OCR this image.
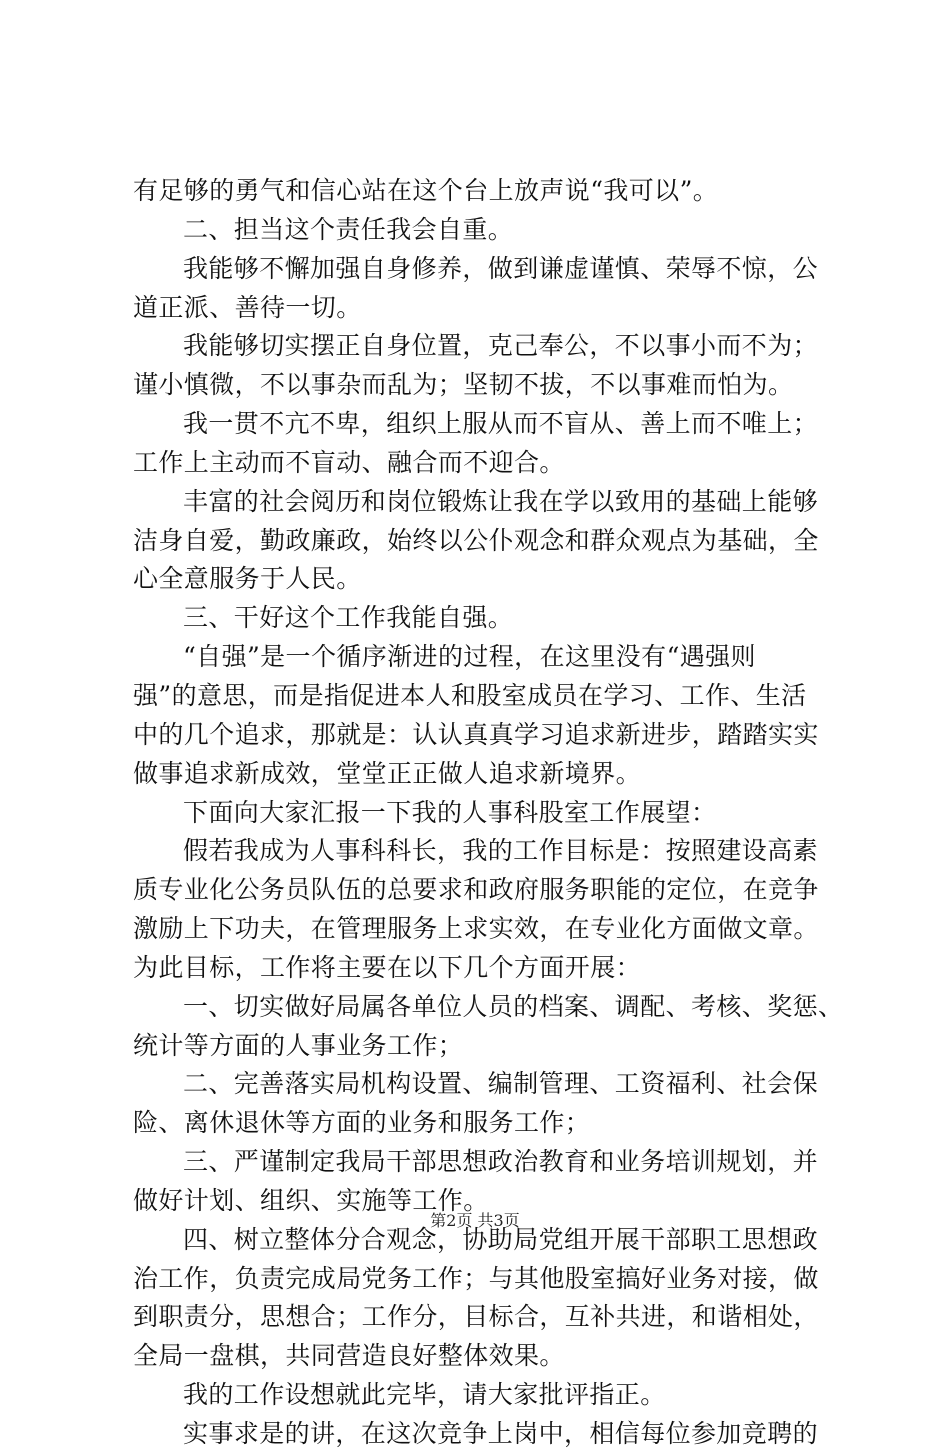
有足够的勇气和信心站在这个台上放声说“我可以”。
二、担当这个责任我会自重。
我能够不懈加强自身修养，做到谦虚谨慎、荣辱不惊，公
道正派、善待一切。
我能够切实摆正自身位置，克己奉公，不以事小而不为；
谨小慎微，不以事杂而乱为；坚韧不拔，不以事难而怕为。
我一贯不亢不卑，组织上服从而不盲从、善上而不唯上；
工作上主动而不盲动、融合而不迎合。
丰富的社会阅历和岗位锻炼让我在学以致用的基础上能够
洁身自爱，勤政廉政，始终以公仆观念和群众观点为基础，全
心全意服务于人民。
三、干好这个工作我能自强。
“自强”是一个循序渐进的过程，在这里没有“遇强则
强”的意思，而是指促进本人和股室成员在学习、工作、生活
中的几个追求，那就是：认认真真学习追求新进步，踏踏实实
做事追求新成效，堂堂正正做人追求新境界。
下面向大家汇报一下我的人事科股室工作展望：
假若我成为人事科科长，我的工作目标是：按照建设高素
质专业化公务员队伍的总要求和政府服务职能的定位，在竞争
激励上下功夫，在管理服务上求实效，在专业化方面做文章。
为此目标，工作将主要在以下几个方面开展：
一、切实做好局属各单位人员的档案、调配、考核、奖惩、
统计等方面的人事业务工作；
二、完善落实局机构设置、编制管理、工资福利、社会保
险、离休退休等方面的业务和服务工作；
三、严谨制定我局干部思想政治教育和业务培训规划，并
做好计划、组织、实施等工作。
四、树立整体分合观念，协助局党组开展干部职工思想政
治工作，负责完成局党务工作；与其他股室搞好业务对接，做
到职责分，思想合；工作分，目标合，互补共进，和谐相处，
全局一盘棋，共同营造良好整体效果。
我的工作设想就此完毕，请大家批评指正。
实事求是的讲，在这次竞争上岗中，相信每位参加竞聘的
第2页 共3页
